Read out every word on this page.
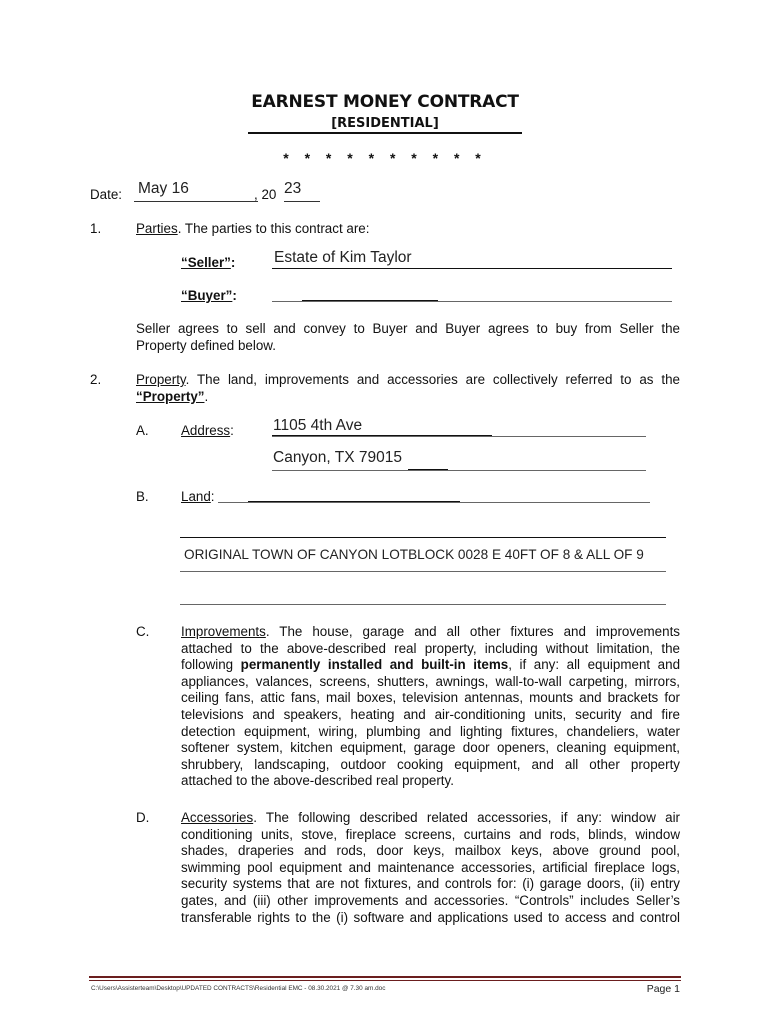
EARNEST MONEY CONTRACT
[RESIDENTIAL]
* * * * * * * * * *
Date: May 16	, 20 23
1.	Parties. The parties to this contract are:
“Seller”: Estate of Kim Taylor
“Buyer”:
Seller agrees to sell and convey to Buyer and Buyer agrees to buy from Seller the
Property defined below.
2.	Property. The land, improvements and accessories are collectively referred to as the
“Property”.
A. Address:	1105 4th Ave
Canyon, TX 79015
B. Land:
ORIGINAL TOWN OF CANYON LOTBLOCK 0028 E 40FT OF 8 & ALL OF 9
C. Improvements. The house, garage and all other fixtures and improvements
attached to the above-described real property, including without limitation, the
following permanently installed and built-in items, if any: all equipment and
appliances, valances, screens, shutters, awnings, wall-to-wall carpeting, mirrors,
ceiling fans, attic fans, mail boxes, television antennas, mounts and brackets for
televisions and speakers, heating and air-conditioning units, security and fire
detection equipment, wiring, plumbing and lighting fixtures, chandeliers, water
softener system, kitchen equipment, garage door openers, cleaning equipment,
shrubbery, landscaping, outdoor cooking equipment, and all other property
attached to the above-described real property.
D. Accessories. The following described related accessories, if any: window air
conditioning units, stove, fireplace screens, curtains and rods, blinds, window
shades, draperies and rods, door keys, mailbox keys, above ground pool,
swimming pool equipment and maintenance accessories, artificial fireplace logs,
security systems that are not fixtures, and controls for: (i) garage doors, (ii) entry
gates, and (iii) other improvements and accessories. “Controls” includes Seller’s
transferable rights to the (i) software and applications used to access and control
C:\Users\Assisterteam\Desktop\UPDATED CONTRACTS\Residential EMC - 08.30.2021 @ 7.30 am.doc	Page 1
